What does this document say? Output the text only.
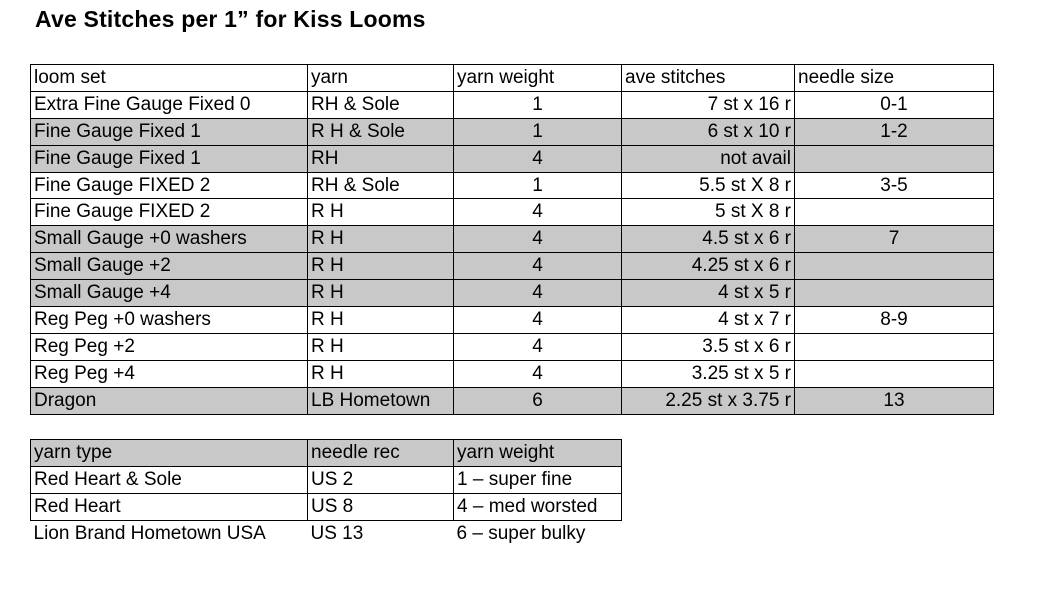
Ave Stitches per 1” for Kiss Looms
loom set	yarn	yarn weight	ave stitches	needle size
Extra Fine Gauge Fixed 0	RH & Sole	1	7 st x 16 r	0-1
Fine Gauge Fixed 1	R H & Sole	1	6 st x 10 r	1-2
Fine Gauge Fixed 1	RH	4	not avail	
Fine Gauge FIXED 2	RH & Sole	1	5.5 st X 8 r	3-5
Fine Gauge FIXED 2	R H	4	5 st X 8 r	
Small Gauge +0 washers	R H	4	4.5 st x 6 r	7
Small Gauge +2	R H	4	4.25 st x 6 r	
Small Gauge +4	R H	4	4 st x 5 r	
Reg Peg +0 washers	R H	4	4 st x 7 r	8-9
Reg Peg +2	R H	4	3.5 st x 6 r	
Reg Peg +4	R H	4	3.25 st x 5 r	
Dragon	LB Hometown	6	2.25 st x 3.75 r	13
yarn type	needle rec	yarn weight
Red Heart & Sole	US 2	1 – super fine
Red Heart	US 8	4 – med worsted
Lion Brand Hometown USA	US 13	6 – super bulky
